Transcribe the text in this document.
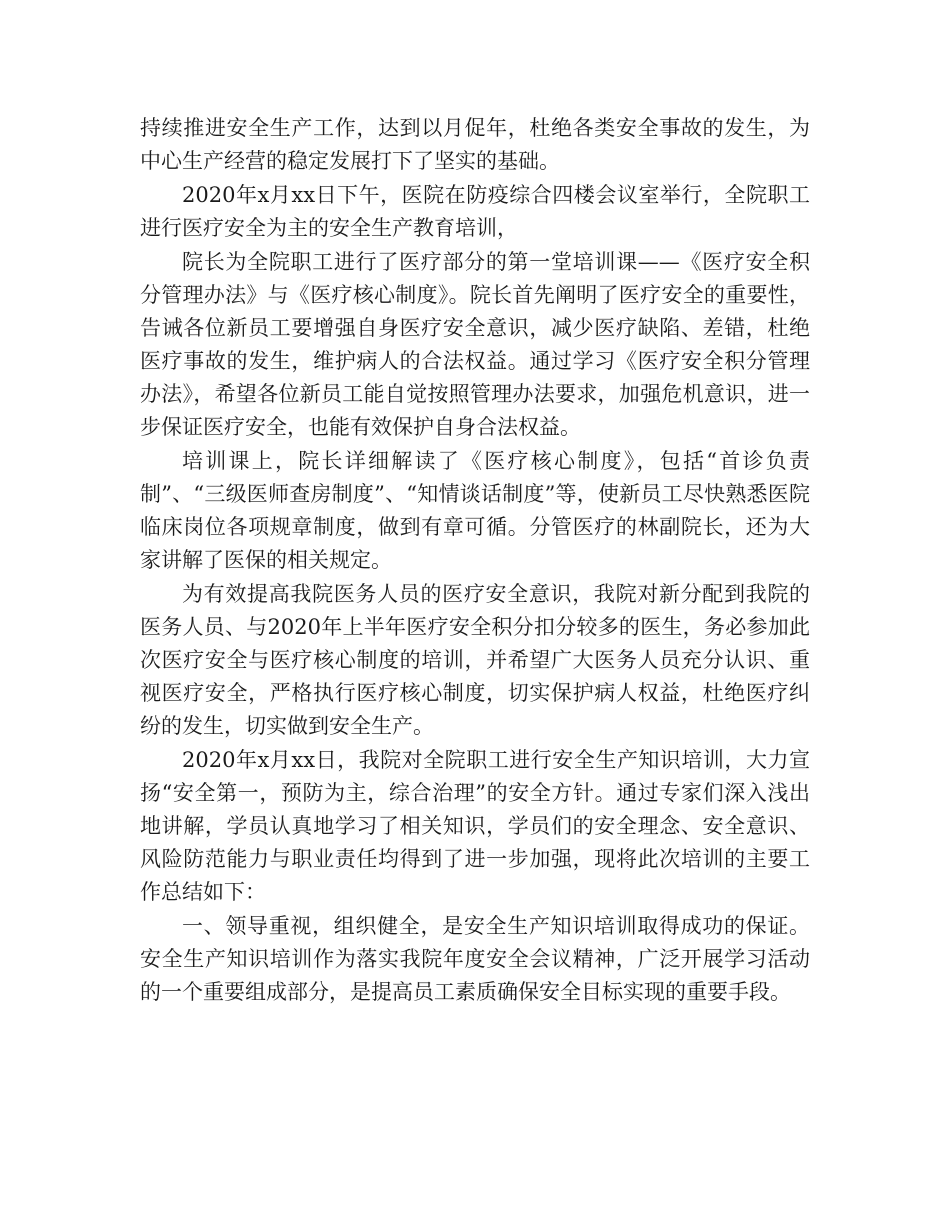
持续推进安全生产工作，达到以月促年，杜绝各类安全事故的发生，为中心生产经营的稳定发展打下了坚实的基础。

2020年x月xx日下午，医院在防疫综合四楼会议室举行，全院职工进行医疗安全为主的安全生产教育培训，

院长为全院职工进行了医疗部分的第一堂培训课——《医疗安全积分管理办法》与《医疗核心制度》。院长首先阐明了医疗安全的重要性，告诫各位新员工要增强自身医疗安全意识，减少医疗缺陷、差错，杜绝医疗事故的发生，维护病人的合法权益。通过学习《医疗安全积分管理办法》，希望各位新员工能自觉按照管理办法要求，加强危机意识，进一步保证医疗安全，也能有效保护自身合法权益。

培训课上，院长详细解读了《医疗核心制度》，包括“首诊负责制”、“三级医师查房制度”、“知情谈话制度”等，使新员工尽快熟悉医院临床岗位各项规章制度，做到有章可循。分管医疗的林副院长，还为大家讲解了医保的相关规定。

为有效提高我院医务人员的医疗安全意识，我院对新分配到我院的医务人员、与2020年上半年医疗安全积分扣分较多的医生，务必参加此次医疗安全与医疗核心制度的培训，并希望广大医务人员充分认识、重视医疗安全，严格执行医疗核心制度，切实保护病人权益，杜绝医疗纠纷的发生，切实做到安全生产。

2020年x月xx日，我院对全院职工进行安全生产知识培训，大力宣扬“安全第一，预防为主，综合治理”的安全方针。通过专家们深入浅出地讲解，学员认真地学习了相关知识，学员们的安全理念、安全意识、风险防范能力与职业责任均得到了进一步加强，现将此次培训的主要工作总结如下：

一、领导重视，组织健全，是安全生产知识培训取得成功的保证。安全生产知识培训作为落实我院年度安全会议精神，广泛开展学习活动的一个重要组成部分，是提高员工素质确保安全目标实现的重要手段。
